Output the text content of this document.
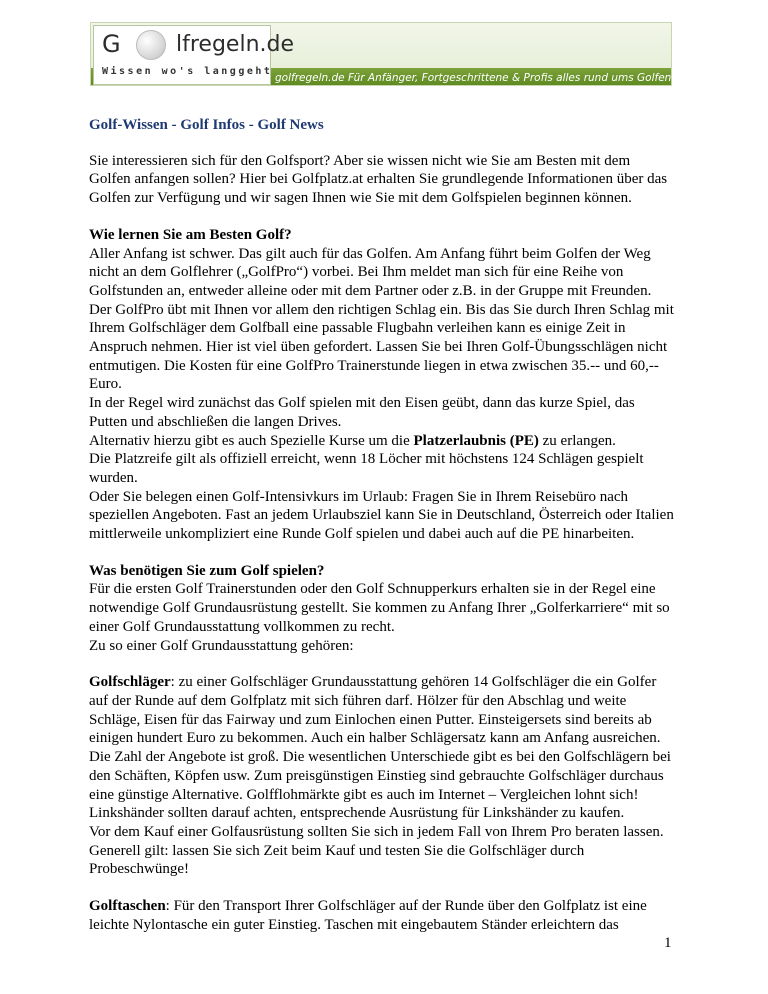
golfregeln.de Für Anfänger, Fortgeschrittene & Profis alles rund ums Golfen!
G	lfregeln.de
Wissen wo's langgeht
Golf-Wissen - Golf Infos - Golf News

Sie interessieren sich für den Golfsport? Aber sie wissen nicht wie Sie am Besten mit dem Golfen anfangen sollen? Hier bei Golfplatz.at erhalten Sie grundlegende Informationen über das Golfen zur Verfügung und wir sagen Ihnen wie Sie mit dem Golfspielen beginnen können.

Wie lernen Sie am Besten Golf?
Aller Anfang ist schwer. Das gilt auch für das Golfen. Am Anfang führt beim Golfen der Weg nicht an dem Golflehrer („GolfPro“) vorbei. Bei Ihm meldet man sich für eine Reihe von Golfstunden an, entweder alleine oder mit dem Partner oder z.B. in der Gruppe mit Freunden. Der GolfPro übt mit Ihnen vor allem den richtigen Schlag ein. Bis das Sie durch Ihren Schlag mit Ihrem Golfschläger dem Golfball eine passable Flugbahn verleihen kann es einige Zeit in Anspruch nehmen. Hier ist viel üben gefordert. Lassen Sie bei Ihren Golf-Übungsschlägen nicht entmutigen. Die Kosten für eine GolfPro Trainerstunde liegen in etwa zwischen 35.-- und 60,-- Euro.
In der Regel wird zunächst das Golf spielen mit den Eisen geübt, dann das kurze Spiel, das Putten und abschließen die langen Drives.
Alternativ hierzu gibt es auch Spezielle Kurse um die Platzerlaubnis (PE) zu erlangen.
Die Platzreife gilt als offiziell erreicht, wenn 18 Löcher mit höchstens 124 Schlägen gespielt wurden.
Oder Sie belegen einen Golf-Intensivkurs im Urlaub: Fragen Sie in Ihrem Reisebüro nach speziellen Angeboten. Fast an jedem Urlaubsziel kann Sie in Deutschland, Österreich oder Italien mittlerweile unkompliziert eine Runde Golf spielen und dabei auch auf die PE hinarbeiten.

Was benötigen Sie zum Golf spielen?
Für die ersten Golf Trainerstunden oder den Golf Schnupperkurs erhalten sie in der Regel eine notwendige Golf Grundausrüstung gestellt. Sie kommen zu Anfang Ihrer „Golferkarriere“ mit so einer Golf Grundausstattung vollkommen zu recht.
Zu so einer Golf Grundausstattung gehören:

Golfschläger: zu einer Golfschläger Grundausstattung gehören 14 Golfschläger die ein Golfer auf der Runde auf dem Golfplatz mit sich führen darf. Hölzer für den Abschlag und weite Schläge, Eisen für das Fairway und zum Einlochen einen Putter. Einsteigersets sind bereits ab einigen hundert Euro zu bekommen. Auch ein halber Schlägersatz kann am Anfang ausreichen.
Die Zahl der Angebote ist groß. Die wesentlichen Unterschiede gibt es bei den Golfschlägern bei den Schäften, Köpfen usw. Zum preisgünstigen Einstieg sind gebrauchte Golfschläger durchaus eine günstige Alternative. Golfflohmärkte gibt es auch im Internet – Vergleichen lohnt sich! Linkshänder sollten darauf achten, entsprechende Ausrüstung für Linkshänder zu kaufen.
Vor dem Kauf einer Golfausrüstung sollten Sie sich in jedem Fall von Ihrem Pro beraten lassen. Generell gilt: lassen Sie sich Zeit beim Kauf und testen Sie die Golfschläger durch Probeschwünge!

Golftaschen: Für den Transport Ihrer Golfschläger auf der Runde über den Golfplatz ist eine leichte Nylontasche ein guter Einstieg. Taschen mit eingebautem Ständer erleichtern das

1
